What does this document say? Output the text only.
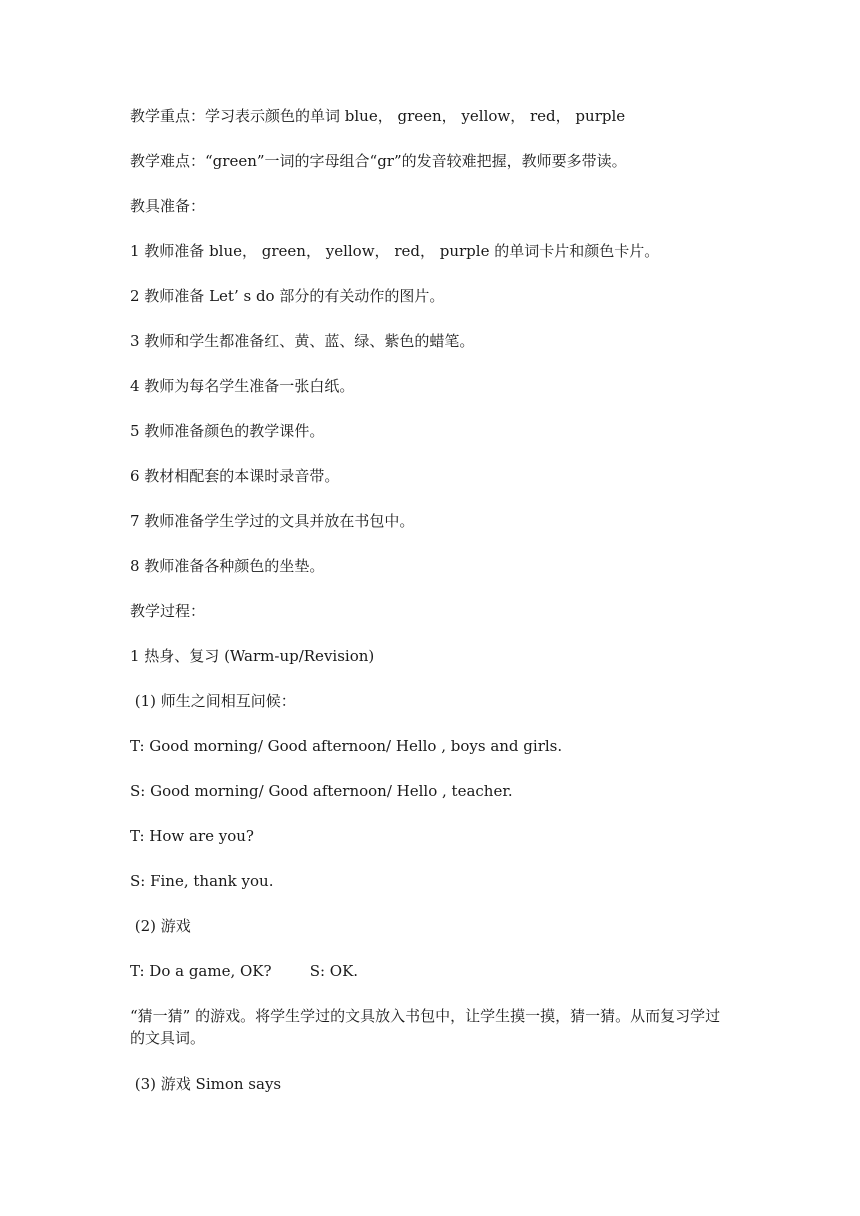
教学重点：学习表示颜色的单词 blue， green， yellow， red， purple

教学难点：“green”一词的字母组合“gr”的发音较难把握，教师要多带读。

教具准备：

1 教师准备 blue， green， yellow， red， purple 的单词卡片和颜色卡片。

2 教师准备 Let’ s do 部分的有关动作的图片。

3 教师和学生都准备红、黄、蓝、绿、紫色的蜡笔。

4 教师为每名学生准备一张白纸。

5 教师准备颜色的教学课件。

6 教材相配套的本课时录音带。

7 教师准备学生学过的文具并放在书包中。

8 教师准备各种颜色的坐垫。

教学过程：

1 热身、复习 (Warm-up/Revision)

(1) 师生之间相互问候：

T: Good morning/ Good afternoon/ Hello , boys and girls.

S: Good morning/ Good afternoon/ Hello , teacher.

T: How are you?

S: Fine, thank you.

(2) 游戏

T: Do a game, OK?        S: OK.

“猜一猜” 的游戏。将学生学过的文具放入书包中，让学生摸一摸，猜一猜。从而复习学过的文具词。

(3) 游戏 Simon says
